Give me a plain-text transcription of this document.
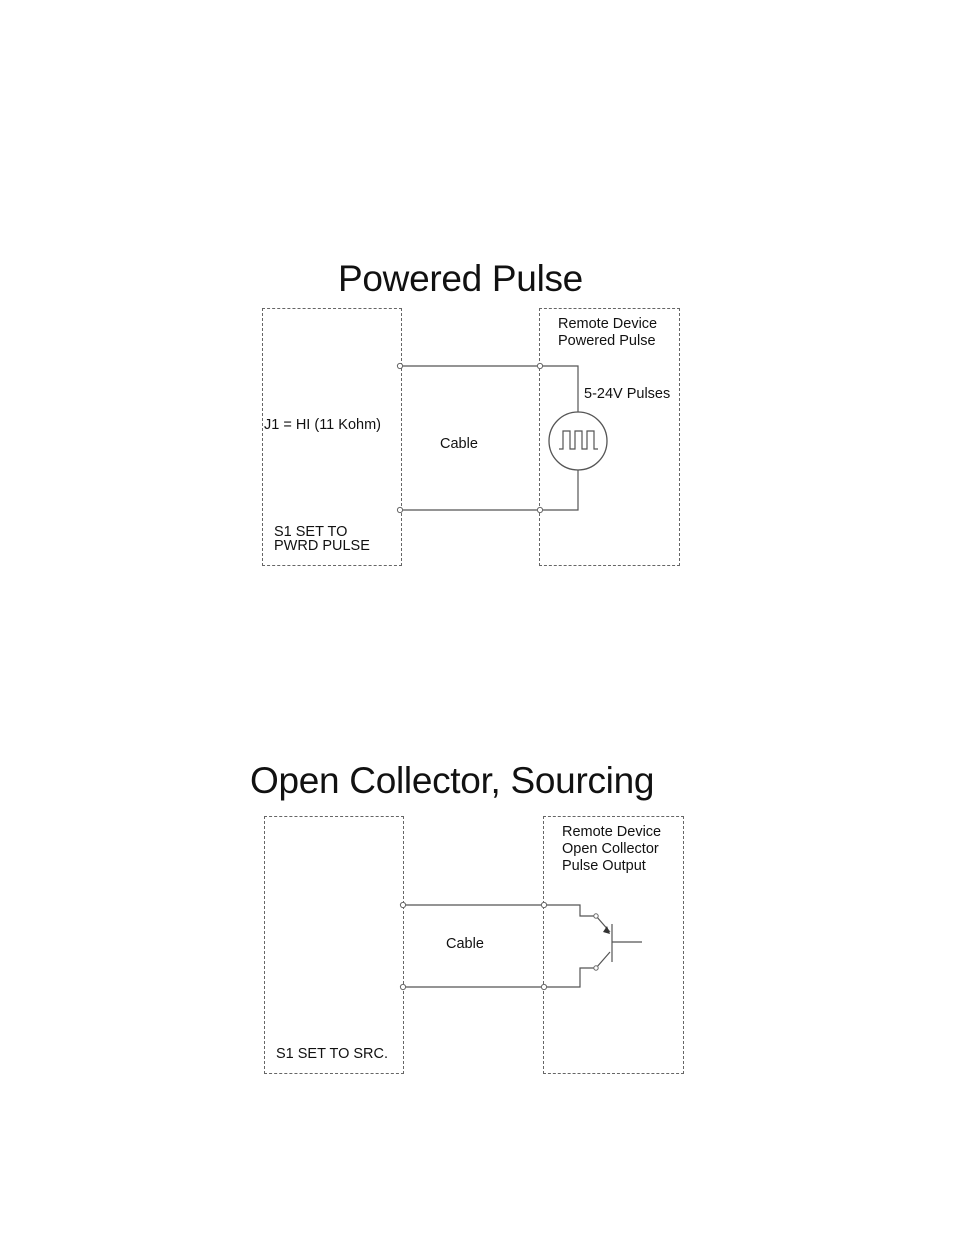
Powered Pulse
Remote Device
Powered Pulse
5-24V Pulses
J1 = HI (11 Kohm)
Cable
S1 SET TO
PWRD PULSE
Open Collector, Sourcing
Remote Device
Open Collector
Pulse Output
Cable
S1 SET TO SRC.
